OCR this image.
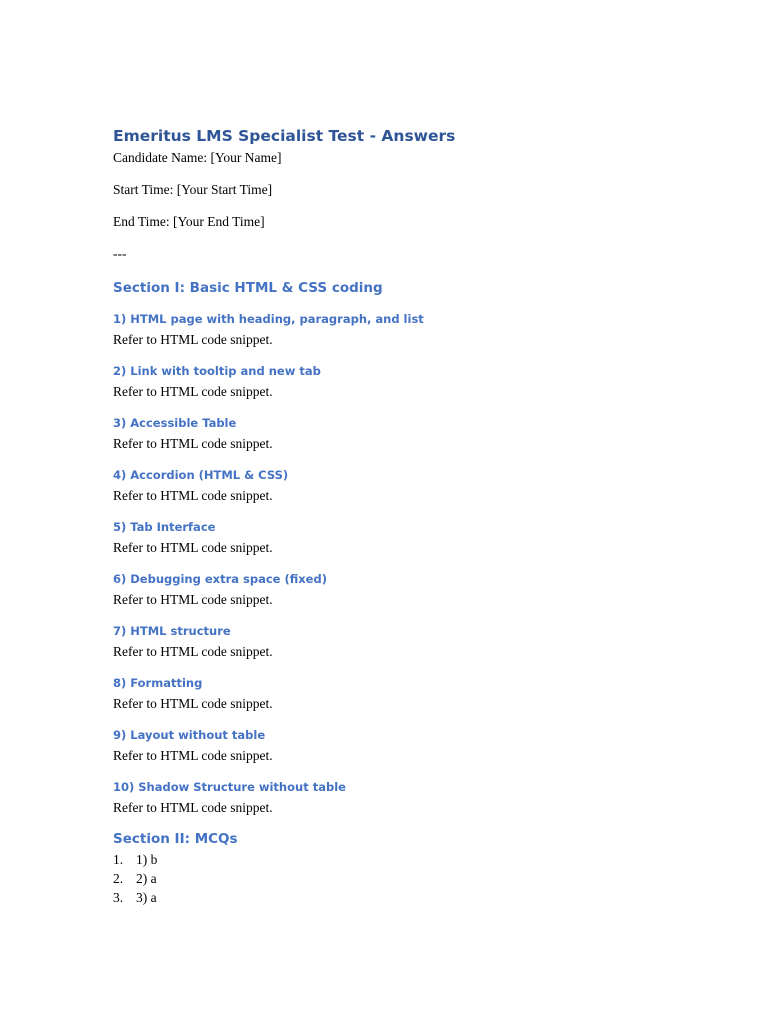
Emeritus LMS Specialist Test - Answers

Candidate Name: [Your Name]

Start Time: [Your Start Time]

End Time: [Your End Time]

---

Section I: Basic HTML & CSS coding
1) HTML page with heading, paragraph, and list
Refer to HTML code snippet.
2) Link with tooltip and new tab
Refer to HTML code snippet.
3) Accessible Table
Refer to HTML code snippet.
4) Accordion (HTML & CSS)
Refer to HTML code snippet.
5) Tab Interface
Refer to HTML code snippet.
6) Debugging extra space (fixed)
Refer to HTML code snippet.
7) HTML structure
Refer to HTML code snippet.
8) Formatting
Refer to HTML code snippet.
9) Layout without table
Refer to HTML code snippet.
10) Shadow Structure without table
Refer to HTML code snippet.
Section II: MCQs
1. 1) b
2. 2) a
3. 3) a
